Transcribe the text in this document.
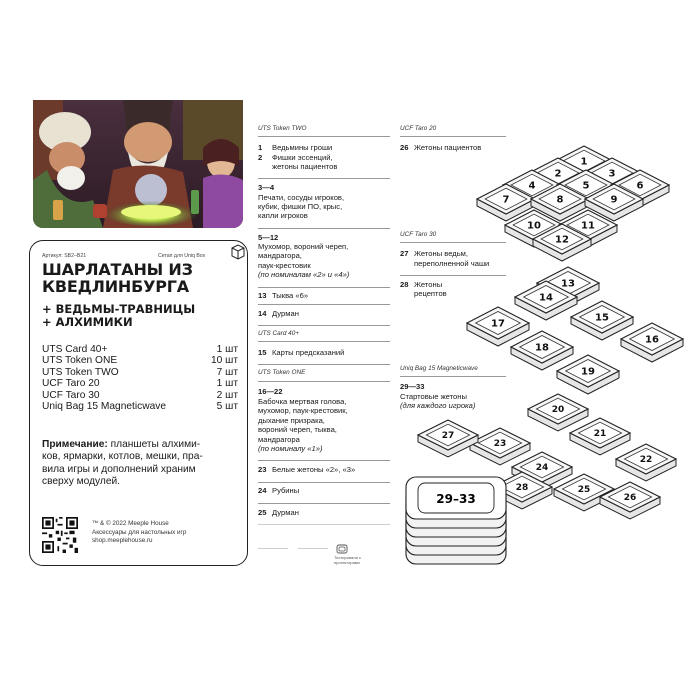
Артикул: SB2–B21	Сетап для Uniq Box
ШАРЛАТАНЫ ИЗ
КВЕДЛИНБУРГА
+ ВЕДЬМЫ-ТРАВНИЦЫ
+ АЛХИМИКИ
UTS Card 40+	1 шт
UTS Token ONE	10 шт
UTS Token TWO	7 шт
UCF Taro 20	1 шт
UCF Taro 30	2 шт
Uniq Bag 15 Magneticwave	5 шт
Примечание: планшеты алхими-
ков, ярмарки, котлов, мешки, пра-
вила игры и дополнений храним
сверху модулей.
™ & © 2022 Meeple House
Аксессуары для настольных игр
shop.meeplehouse.ru
UTS Token TWO
1 Ведьмины гроши
2	Фишки эссенций,
жетоны пациентов
3—4
Печати, сосуды игроков,
кубик, фишки ПО, крыс,
капли игроков
5—12
Мухомор, вороний череп,
мандрагора,
паук-крестовик
(по номиналам «2» и «4»)
13 Тыква «6»
14 Дурман
UTS Card 40+
15 Карты предсказаний
UTS Token ONE
16—22
Бабочка мертвая голова,
мухомор, паук-крестовик,
дыхание призрака,
вороний череп, тыква,
мандрагора
(по номиналу «1»)
23 Белые жетоны «2», «3»
24 Рубины
25 Дурман
UCF Taro 20
26 Жетоны пациентов
UCF Taro 30
27 Жетоны ведьм,
переполненной чаши
28 Жетоны
рецептов
Uniq Bag 15 Magneticwave
29—33
Стартовые жетоны
(для каждого игрока)
1
2	3
4	5	6
7	8	9
10	11
12
13
14
15
16
17
18
19
20
21
22
23
24
25
26
27
28
29–33
Тестировали с протекторами
